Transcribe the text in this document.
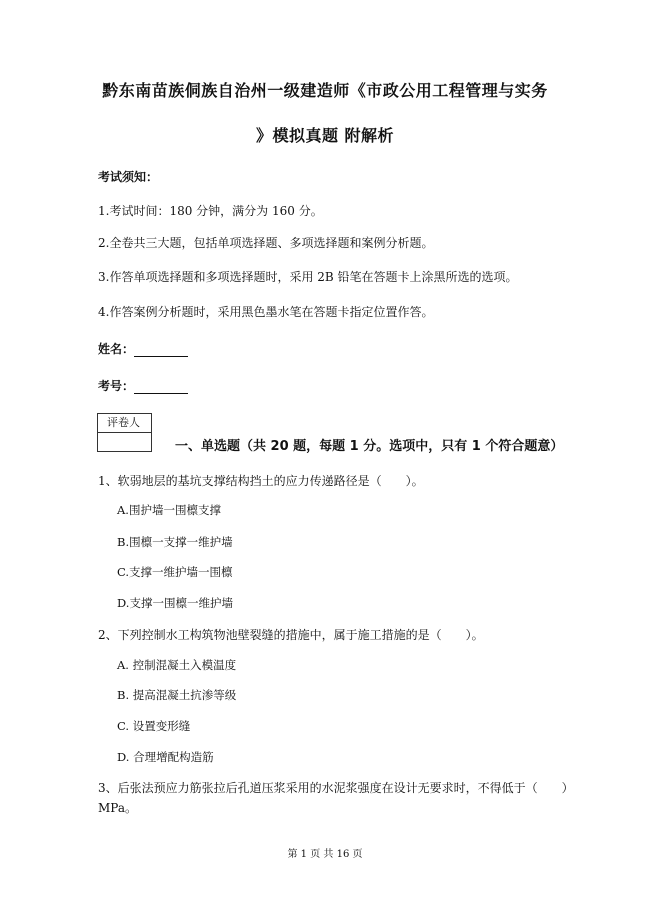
黔东南苗族侗族自治州一级建造师《市政公用工程管理与实务
》模拟真题 附解析
考试须知：
1.考试时间：180 分钟，满分为 160 分。
2.全卷共三大题，包括单项选择题、多项选择题和案例分析题。
3.作答单项选择题和多项选择题时，采用 2B 铅笔在答题卡上涂黑所选的选项。
4.作答案例分析题时，采用黑色墨水笔在答题卡指定位置作答。
姓名：
考号：
评卷人
一、单选题（共 20 题，每题 1 分。选项中，只有 1 个符合题意）
1、软弱地层的基坑支撑结构挡土的应力传递路径是（　　）。
A.围护墙一围檩支撑
B.围檩一支撑一维护墙
C.支撑一维护墙一围檩
D.支撑一围檩一维护墙
2、下列控制水工构筑物池壁裂缝的措施中，属于施工措施的是（　　）。
A. 控制混凝土入模温度
B. 提高混凝土抗渗等级
C. 设置变形缝
D. 合理增配构造筋
3、后张法预应力筋张拉后孔道压浆采用的水泥浆强度在设计无要求时，不得低于（　　）
MPa。
第 1 页 共 16 页
